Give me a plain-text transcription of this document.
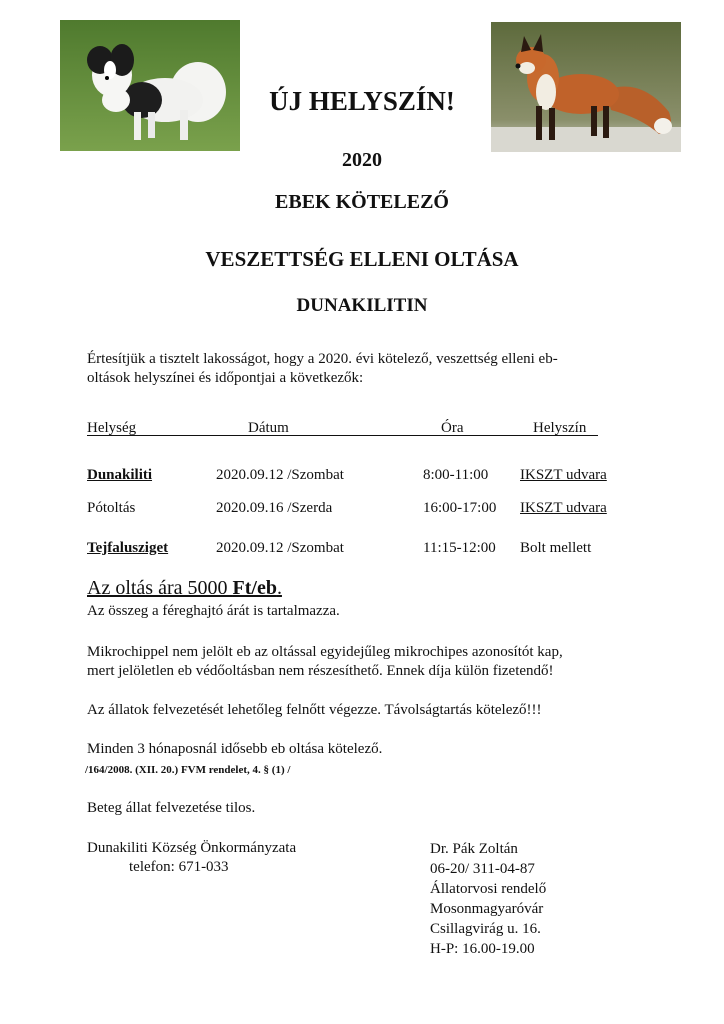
ÚJ HELYSZÍN!
2020
EBEK KÖTELEZŐ
VESZETTSÉG ELLENI OLTÁSA
DUNAKILITIN
Értesítjük a tisztelt lakosságot, hogy a 2020. évi kötelező, veszettség elleni eb-
oltások helyszínei és időpontjai a következők:
Helység	Dátum	Óra	Helyszín
Dunakiliti	2020.09.12 /Szombat	8:00-11:00 IKSZT udvara
Pótoltás	2020.09.16 /Szerda	16:00-17:00 IKSZT udvara
Tejfalusziget	2020.09.12 /Szombat	11:15-12:00 Bolt mellett
Az oltás ára 5000 Ft/eb.
Az összeg a féreghajtó árát is tartalmazza.
Mikrochippel nem jelölt eb az oltással egyidejűleg mikrochipes azonosítót kap,
mert jelöletlen eb védőoltásban nem részesíthető. Ennek díja külön fizetendő!
Az állatok felvezetését lehetőleg felnőtt végezze. Távolságtartás kötelező!!!
Minden 3 hónaposnál idősebb eb oltása kötelező.
/164/2008. (XII. 20.) FVM rendelet, 4. § (1) /
Beteg állat felvezetése tilos.
Dunakiliti Község Önkormányzata
telefon: 671-033
Dr. Pák Zoltán
06-20/ 311-04-87
Állatorvosi rendelő
Mosonmagyaróvár
Csillagvirág u. 16.
H-P: 16.00-19.00
